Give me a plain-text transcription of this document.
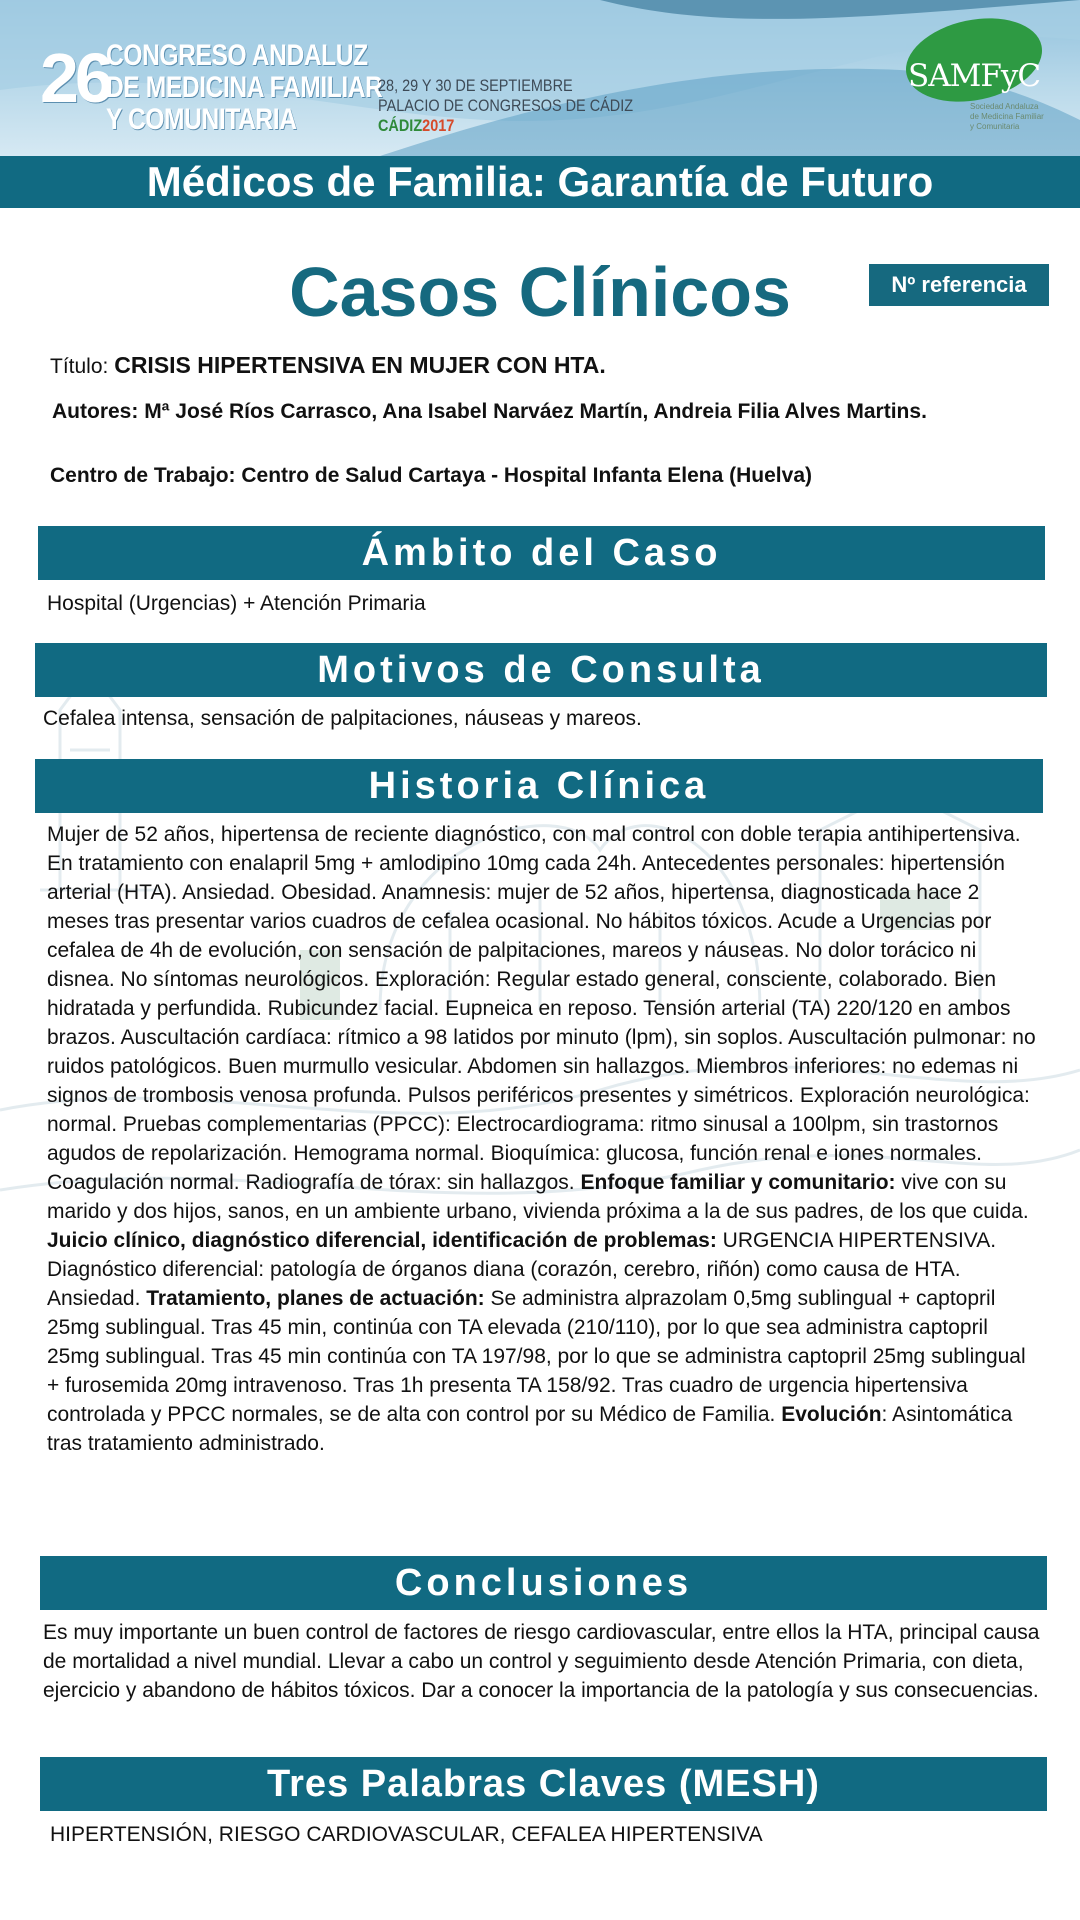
26
CONGRESO ANDALUZ
DE MEDICINA FAMILIAR
Y COMUNITARIA
28, 29 Y 30 DE SEPTIEMBRE
PALACIO DE CONGRESOS DE CÁDIZ
CÁDIZ2017
SAMFyC
Sociedad Andaluza
de Medicina Familiar
y Comunitaria
Médicos de Familia: Garantía de Futuro
Casos Clínicos	Nº referencia
Título: CRISIS HIPERTENSIVA EN MUJER CON HTA.
Autores: Mª José Ríos Carrasco, Ana Isabel Narváez Martín, Andreia Filia Alves Martins.
Centro de Trabajo: Centro de Salud Cartaya - Hospital Infanta Elena (Huelva)
Ámbito del Caso
Hospital (Urgencias) + Atención Primaria
Motivos de Consulta
Cefalea intensa, sensación de palpitaciones, náuseas y mareos.
Historia Clínica
Mujer de 52 años, hipertensa de reciente diagnóstico, con mal control con doble terapia antihipertensiva. En tratamiento con enalapril 5mg + amlodipino 10mg cada 24h. Antecedentes personales: hipertensión arterial (HTA). Ansiedad. Obesidad. Anamnesis: mujer de 52 años, hipertensa, diagnosticada hace 2 meses tras presentar varios cuadros de cefalea ocasional. No hábitos tóxicos. Acude a Urgencias por cefalea de 4h de evolución, con sensación de palpitaciones, mareos y náuseas. No dolor torácico ni disnea. No síntomas neurológicos. Exploración: Regular estado general, consciente, colaborado. Bien hidratada y perfundida. Rubicundez facial. Eupneica en reposo. Tensión arterial (TA) 220/120 en ambos brazos. Auscultación cardíaca: rítmico a 98 latidos por minuto (lpm), sin soplos. Auscultación pulmonar: no ruidos patológicos. Buen murmullo vesicular. Abdomen sin hallazgos. Miembros inferiores: no edemas ni signos de trombosis venosa profunda. Pulsos periféricos presentes y simétricos. Exploración neurológica: normal. Pruebas complementarias (PPCC): Electrocardiograma: ritmo sinusal a 100lpm, sin trastornos agudos de repolarización. Hemograma normal. Bioquímica: glucosa, función renal e iones normales. Coagulación normal. Radiografía de tórax: sin hallazgos. Enfoque familiar y comunitario: vive con su marido y dos hijos, sanos, en un ambiente urbano, vivienda próxima a la de sus padres, de los que cuida. Juicio clínico, diagnóstico diferencial, identificación de problemas: URGENCIA HIPERTENSIVA. Diagnóstico diferencial: patología de órganos diana (corazón, cerebro, riñón) como causa de HTA. Ansiedad. Tratamiento, planes de actuación: Se administra alprazolam 0,5mg sublingual + captopril 25mg sublingual. Tras 45 min, continúa con TA elevada (210/110), por lo que sea administra captopril 25mg sublingual. Tras 45 min continúa con TA 197/98, por lo que se administra captopril 25mg sublingual + furosemida 20mg intravenoso. Tras 1h presenta TA 158/92. Tras cuadro de urgencia hipertensiva controlada y PPCC normales, se de alta con control por su Médico de Familia. Evolución: Asintomática tras tratamiento administrado.
Conclusiones
Es muy importante un buen control de factores de riesgo cardiovascular, entre ellos la HTA, principal causa de mortalidad a nivel mundial. Llevar a cabo un control y seguimiento desde Atención Primaria, con dieta, ejercicio y abandono de hábitos tóxicos. Dar a conocer la importancia de la patología y sus consecuencias.
Tres Palabras Claves (MESH)
HIPERTENSIÓN, RIESGO CARDIOVASCULAR, CEFALEA HIPERTENSIVA
